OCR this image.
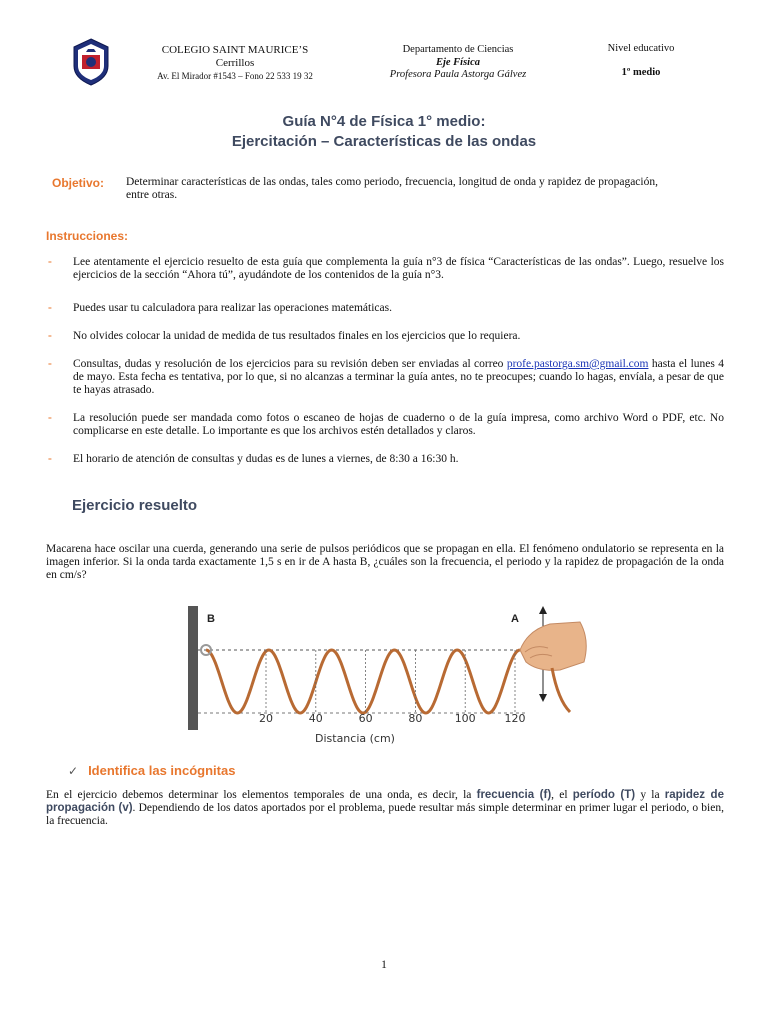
COLEGIO SAINT MAURICE’S
Cerrillos
Av. El Mirador #1543 – Fono 22 533 19 32
Departamento de Ciencias
Eje Física
Profesora Paula Astorga Gálvez
Nivel educativo
1º medio
Guía N°4 de Física 1° medio:
Ejercitación – Características de las ondas
Objetivo: Determinar características de las ondas, tales como periodo, frecuencia, longitud de onda y rapidez de propagación, entre otras.
Instrucciones:
- Lee atentamente el ejercicio resuelto de esta guía que complementa la guía n°3 de física “Características de las ondas”. Luego, resuelve los ejercicios de la sección “Ahora tú”, ayudándote de los contenidos de la guía n°3.
- Puedes usar tu calculadora para realizar las operaciones matemáticas.
- No olvides colocar la unidad de medida de tus resultados finales en los ejercicios que lo requiera.
- Consultas, dudas y resolución de los ejercicios para su revisión deben ser enviadas al correo profe.pastorga.sm@gmail.com hasta el lunes 4 de mayo. Esta fecha es tentativa, por lo que, si no alcanzas a terminar la guía antes, no te preocupes; cuando lo hagas, envíala, a pesar de que te hayas atrasado.
- La resolución puede ser mandada como fotos o escaneo de hojas de cuaderno o de la guía impresa, como archivo Word o PDF, etc. No complicarse en este detalle. Lo importante es que los archivos estén detallados y claros.
- El horario de atención de consultas y dudas es de lunes a viernes, de 8:30 a 16:30 h.
Ejercicio resuelto
Macarena hace oscilar una cuerda, generando una serie de pulsos periódicos que se propagan en ella. El fenómeno ondulatorio se representa en la imagen inferior. Si la onda tarda exactamente 1,5 s en ir de A hasta B, ¿cuáles son la frecuencia, el periodo y la rapidez de propagación de la onda en cm/s?
B	A
20	40	60	80	100	120
Distancia (cm)
✓ Identifica las incógnitas
En el ejercicio debemos determinar los elementos temporales de una onda, es decir, la frecuencia (f), el período (T) y la rapidez de propagación (v). Dependiendo de los datos aportados por el problema, puede resultar más simple determinar en primer lugar el periodo, o bien, la frecuencia.
1
